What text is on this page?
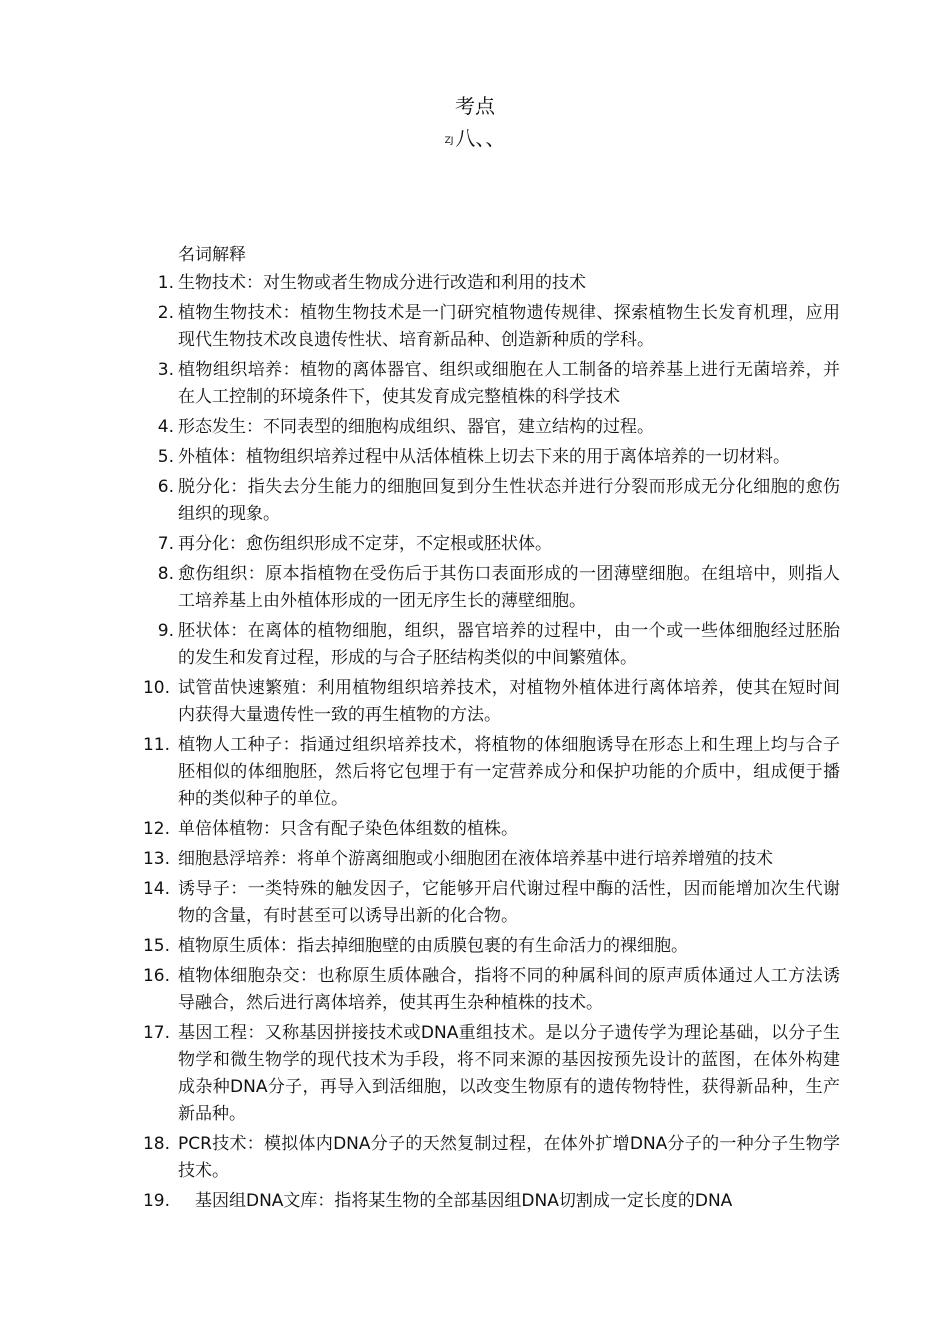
考点
ZJ 八、、
名词解释
1. 生物技术：对生物或者生物成分进行改造和利用的技术
2. 植物生物技术：植物生物技术是一门研究植物遗传规律、探索植物生长发育机理，应用现代生物技术改良遗传性状、培育新品种、创造新种质的学科。
3. 植物组织培养：植物的离体器官、组织或细胞在人工制备的培养基上进行无菌培养，并在人工控制的环境条件下，使其发育成完整植株的科学技术
4. 形态发生：不同表型的细胞构成组织、器官，建立结构的过程。
5. 外植体：植物组织培养过程中从活体植株上切去下来的用于离体培养的一切材料。
6. 脱分化：指失去分生能力的细胞回复到分生性状态并进行分裂而形成无分化细胞的愈伤组织的现象。
7. 再分化：愈伤组织形成不定芽，不定根或胚状体。
8. 愈伤组织：原本指植物在受伤后于其伤口表面形成的一团薄壁细胞。在组培中，则指人工培养基上由外植体形成的一团无序生长的薄壁细胞。
9. 胚状体：在离体的植物细胞，组织，器官培养的过程中，由一个或一些体细胞经过胚胎的发生和发育过程，形成的与合子胚结构类似的中间繁殖体。
10. 试管苗快速繁殖：利用植物组织培养技术，对植物外植体进行离体培养，使其在短时间内获得大量遗传性一致的再生植物的方法。
11. 植物人工种子：指通过组织培养技术，将植物的体细胞诱导在形态上和生理上均与合子胚相似的体细胞胚，然后将它包埋于有一定营养成分和保护功能的介质中，组成便于播种的类似种子的单位。
12. 单倍体植物：只含有配子染色体组数的植株。
13. 细胞悬浮培养：将单个游离细胞或小细胞团在液体培养基中进行培养增殖的技术
14. 诱导子：一类特殊的触发因子，它能够开启代谢过程中酶的活性，因而能增加次生代谢物的含量，有时甚至可以诱导出新的化合物。
15. 植物原生质体：指去掉细胞壁的由质膜包裹的有生命活力的裸细胞。
16. 植物体细胞杂交：也称原生质体融合，指将不同的种属科间的原声质体通过人工方法诱导融合，然后进行离体培养，使其再生杂种植株的技术。
17. 基因工程：又称基因拼接技术或DNA重组技术。是以分子遗传学为理论基础，以分子生物学和微生物学的现代技术为手段，将不同来源的基因按预先设计的蓝图，在体外构建成杂种DNA分子，再导入到活细胞，以改变生物原有的遗传物特性，获得新品种，生产新品种。
18. PCR技术：模拟体内DNA分子的天然复制过程，在体外扩增DNA分子的一种分子生物学技术。
19. 　基因组DNA文库：指将某生物的全部基因组DNA切割成一定长度的DNA
